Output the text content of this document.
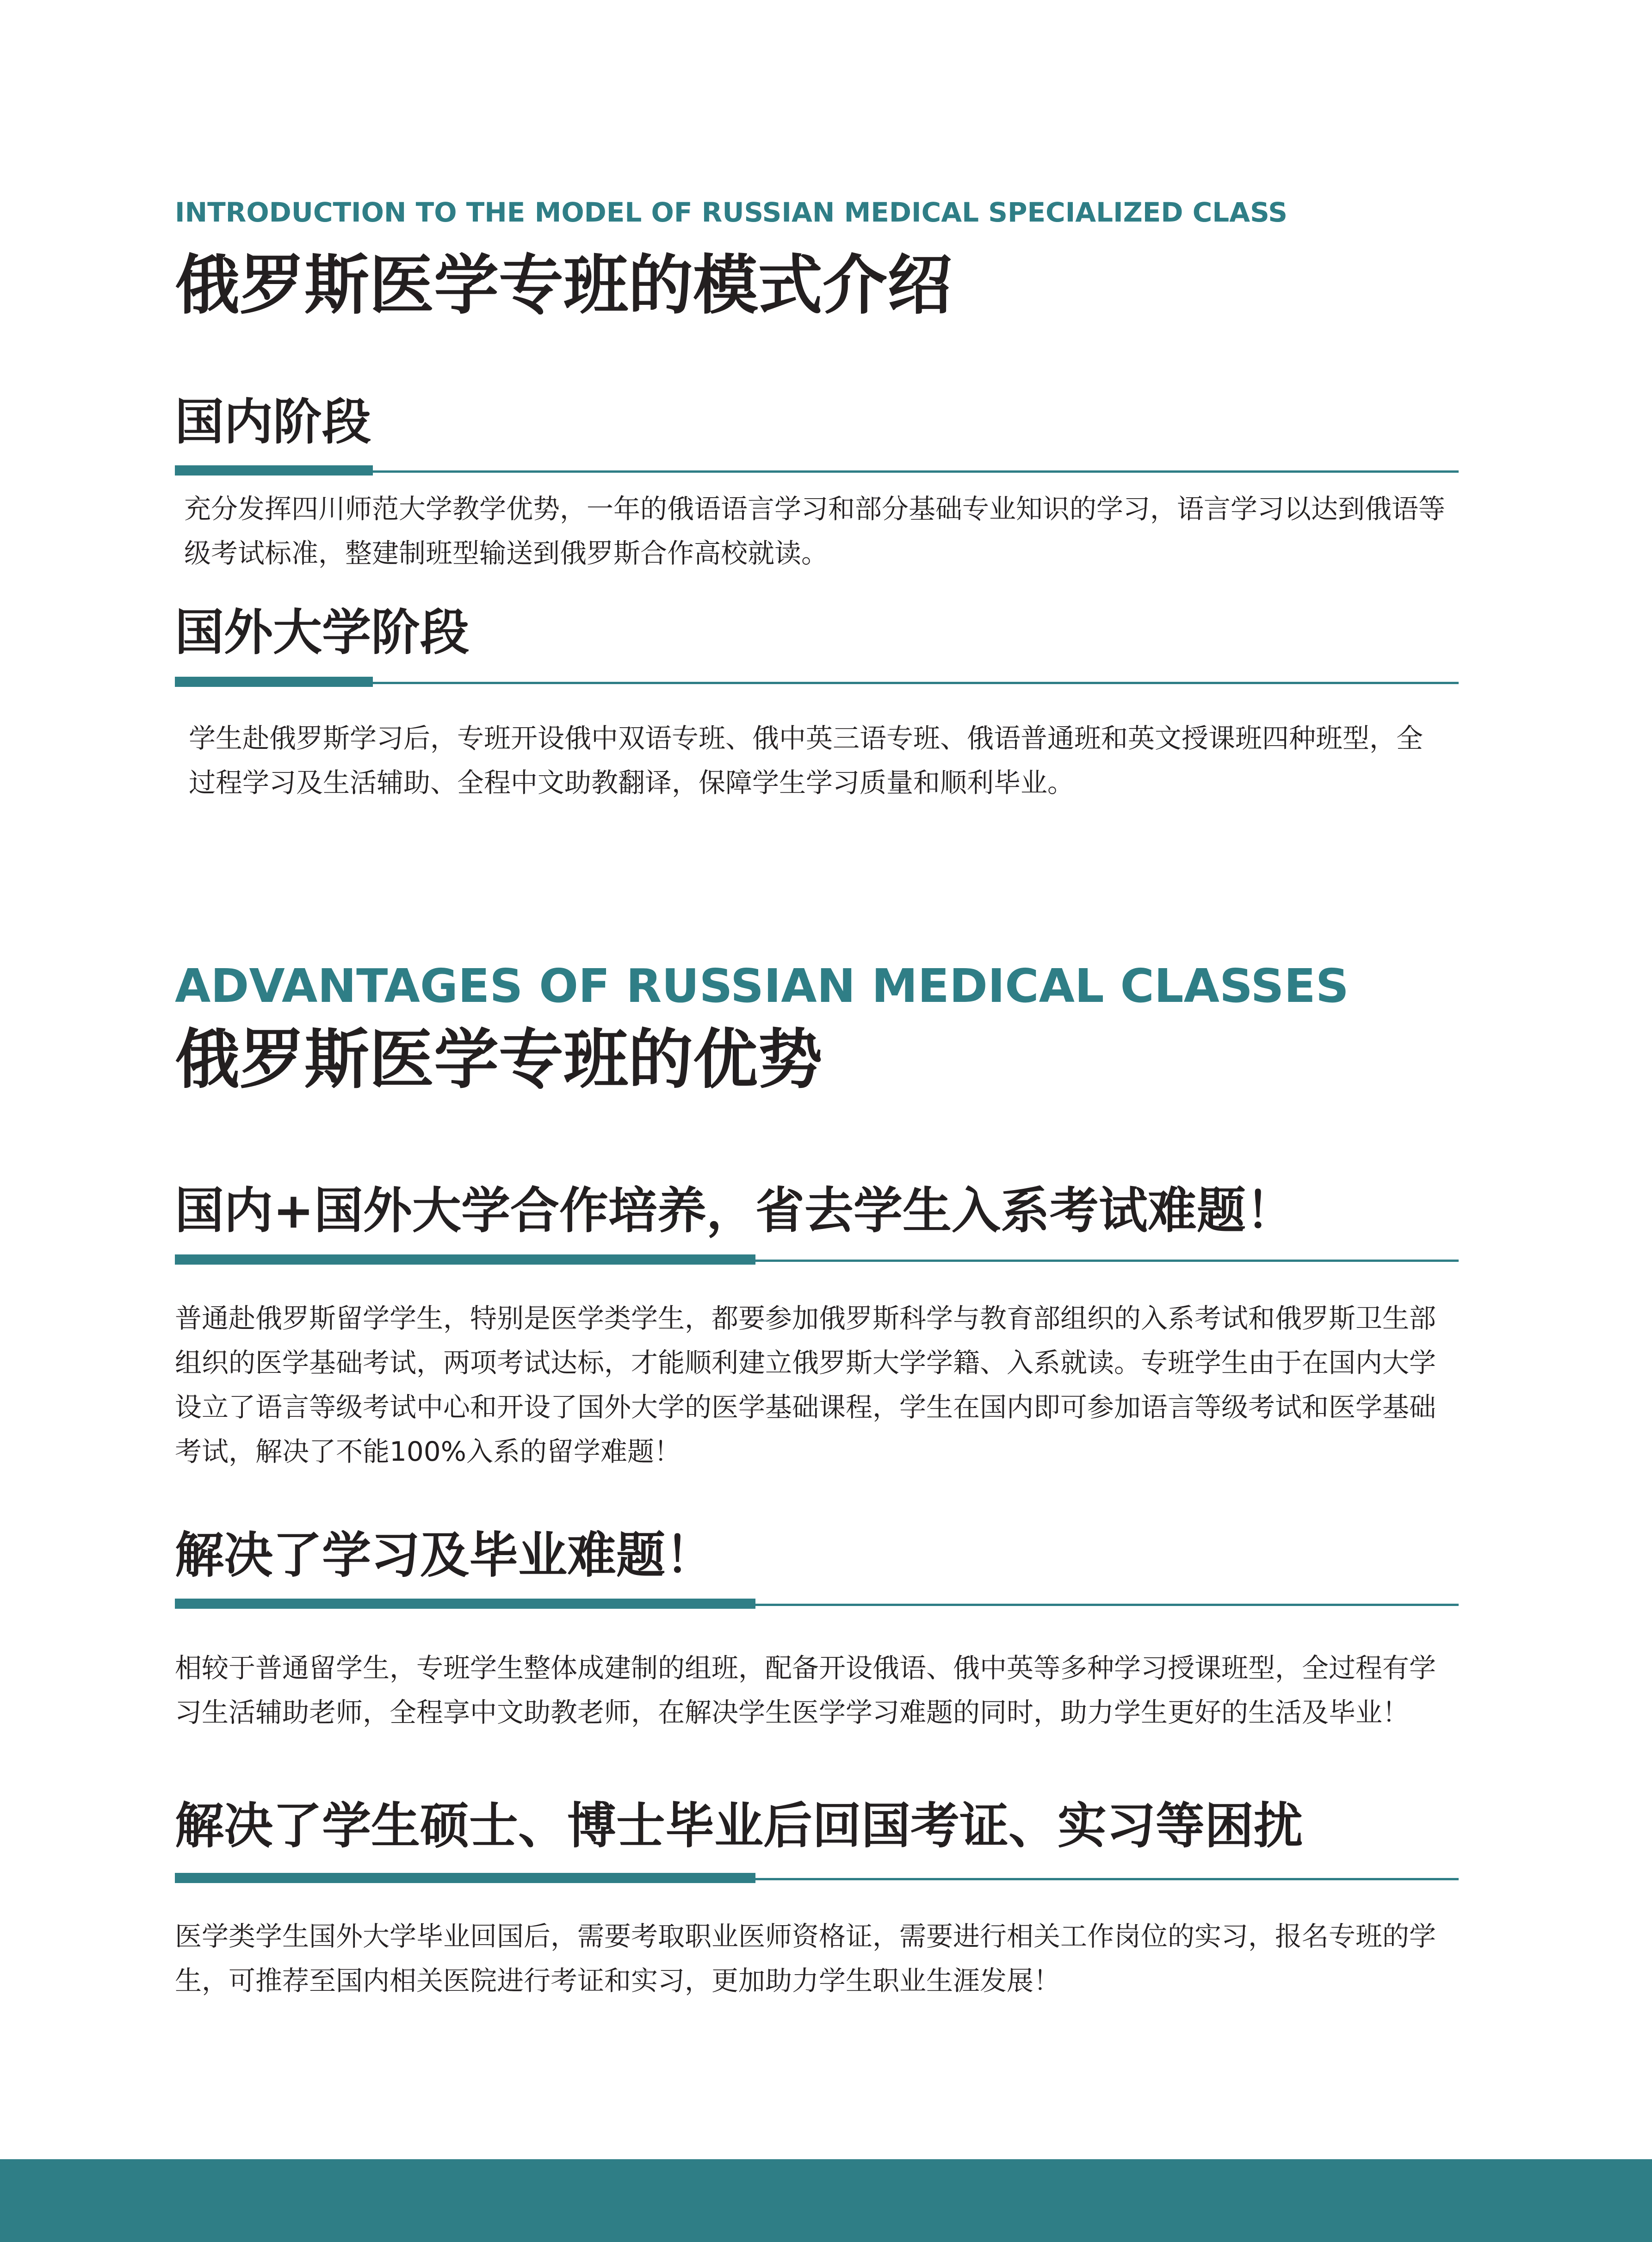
INTRODUCTION TO THE MODEL OF RUSSIAN MEDICAL SPECIALIZED CLASS
俄罗斯医学专班的模式介绍
国内阶段

充分发挥四川师范大学教学优势，一年的俄语语言学习和部分基础专业知识的学习，语言学习以达到俄语等级考试标准，整建制班型输送到俄罗斯合作高校就读。

国外大学阶段

学生赴俄罗斯学习后，专班开设俄中双语专班、俄中英三语专班、俄语普通班和英文授课班四种班型，全过程学习及生活辅助、全程中文助教翻译，保障学生学习质量和顺利毕业。

ADVANTAGES OF RUSSIAN MEDICAL CLASSES
俄罗斯医学专班的优势
国内+国外大学合作培养，省去学生入系考试难题！

普通赴俄罗斯留学学生，特别是医学类学生，都要参加俄罗斯科学与教育部组织的入系考试和俄罗斯卫生部组织的医学基础考试，两项考试达标，才能顺利建立俄罗斯大学学籍、入系就读。专班学生由于在国内大学设立了语言等级考试中心和开设了国外大学的医学基础课程，学生在国内即可参加语言等级考试和医学基础考试，解决了不能100%入系的留学难题！

解决了学习及毕业难题！

相较于普通留学生，专班学生整体成建制的组班，配备开设俄语、俄中英等多种学习授课班型，全过程有学习生活辅助老师，全程享中文助教老师，在解决学生医学学习难题的同时，助力学生更好的生活及毕业！

解决了学生硕士、博士毕业后回国考证、实习等困扰

医学类学生国外大学毕业回国后，需要考取职业医师资格证，需要进行相关工作岗位的实习，报名专班的学生，可推荐至国内相关医院进行考证和实习，更加助力学生职业生涯发展！
